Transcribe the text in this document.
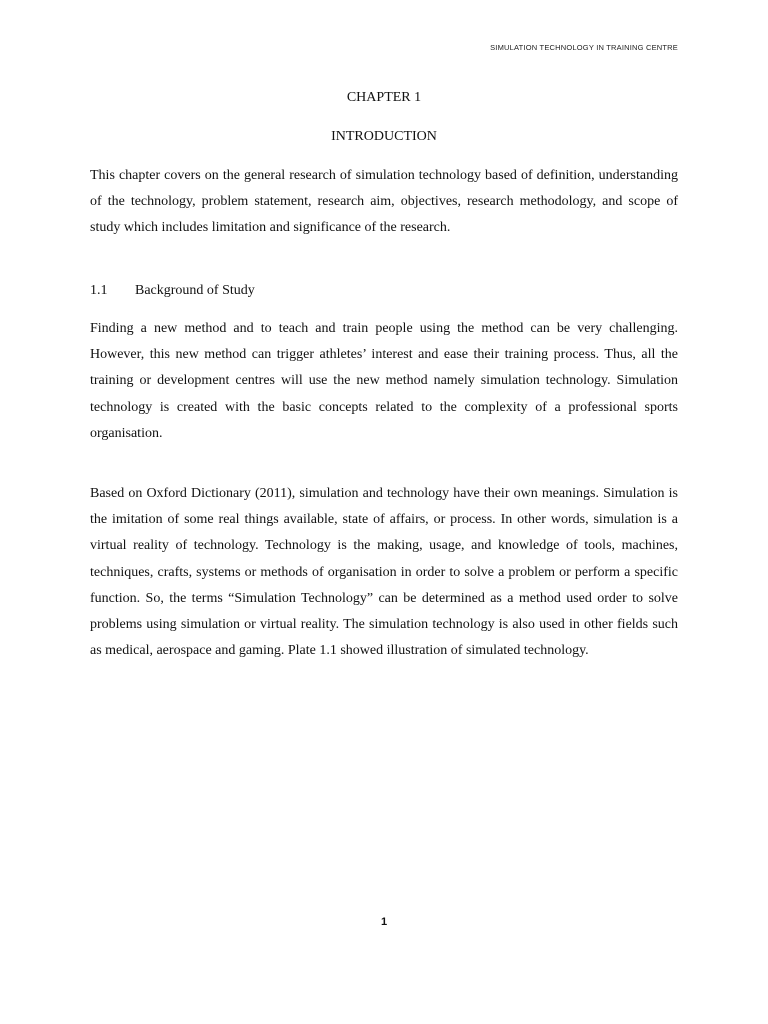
SIMULATION TECHNOLOGY IN TRAINING CENTRE
CHAPTER 1
INTRODUCTION

This chapter covers on the general research of simulation technology based of definition, understanding of the technology, problem statement, research aim, objectives, research methodology, and scope of study which includes limitation and significance of the research.

1.1 Background of Study

Finding a new method and to teach and train people using the method can be very challenging. However, this new method can trigger athletes’ interest and ease their training process. Thus, all the training or development centres will use the new method namely simulation technology. Simulation technology is created with the basic concepts related to the complexity of a professional sports organisation.

Based on Oxford Dictionary (2011), simulation and technology have their own meanings. Simulation is the imitation of some real things available, state of affairs, or process. In other words, simulation is a virtual reality of technology. Technology is the making, usage, and knowledge of tools, machines, techniques, crafts, systems or methods of organisation in order to solve a problem or perform a specific function. So, the terms “Simulation Technology” can be determined as a method used order to solve problems using simulation or virtual reality. The simulation technology is also used in other fields such as medical, aerospace and gaming. Plate 1.1 showed illustration of simulated technology.

1
